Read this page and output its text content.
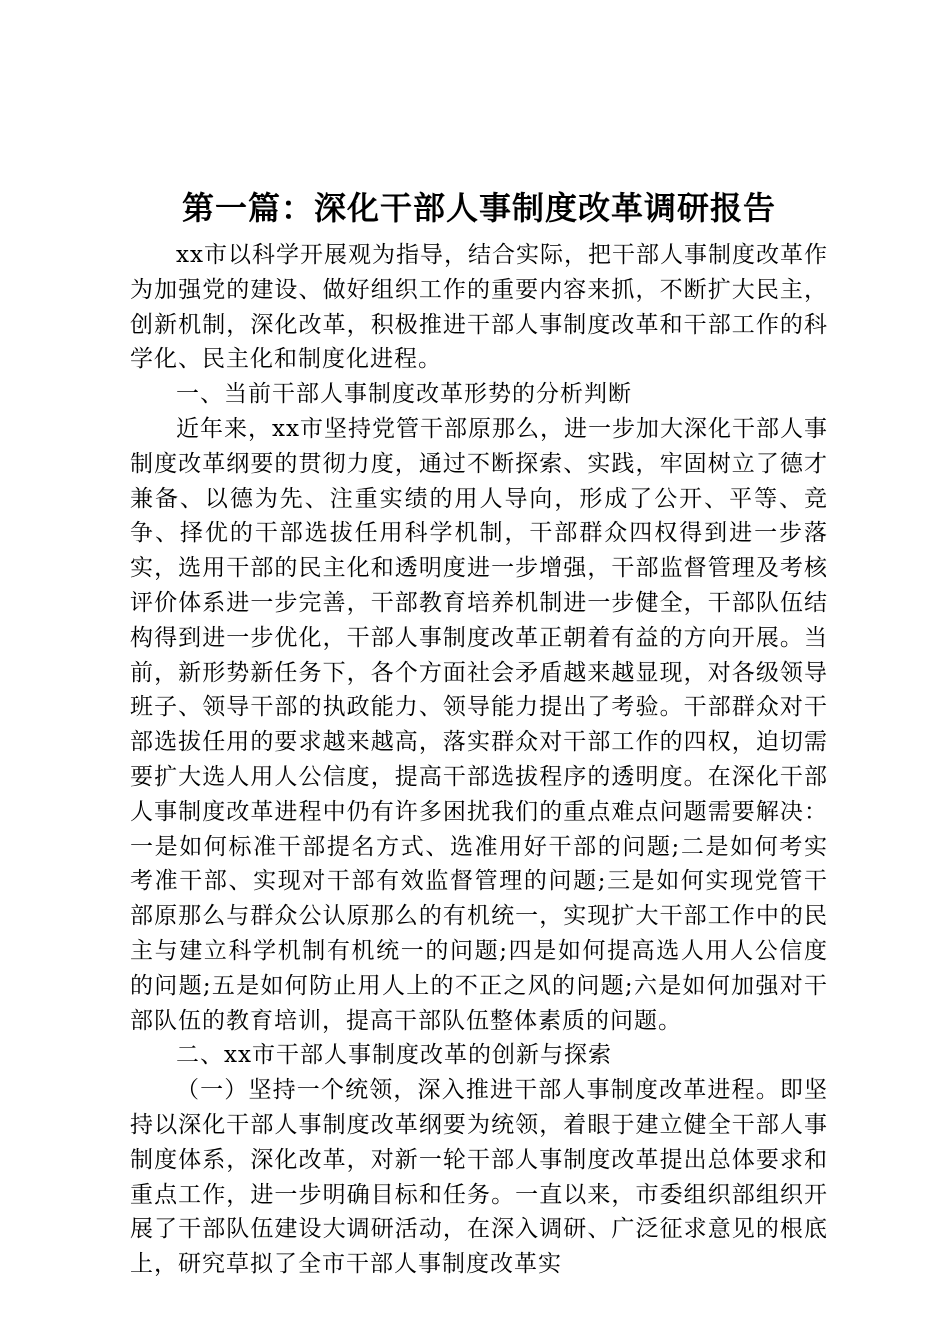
第一篇：深化干部人事制度改革调研报告

xx市以科学开展观为指导，结合实际，把干部人事制度改革作为加强党的建设、做好组织工作的重要内容来抓，不断扩大民主，创新机制，深化改革，积极推进干部人事制度改革和干部工作的科学化、民主化和制度化进程。

一、当前干部人事制度改革形势的分析判断

近年来，xx市坚持党管干部原那么，进一步加大深化干部人事制度改革纲要的贯彻力度，通过不断探索、实践，牢固树立了德才兼备、以德为先、注重实绩的用人导向，形成了公开、平等、竞争、择优的干部选拔任用科学机制，干部群众四权得到进一步落实，选用干部的民主化和透明度进一步增强，干部监督管理及考核评价体系进一步完善，干部教育培养机制进一步健全，干部队伍结构得到进一步优化，干部人事制度改革正朝着有益的方向开展。当前，新形势新任务下，各个方面社会矛盾越来越显现，对各级领导班子、领导干部的执政能力、领导能力提出了考验。干部群众对干部选拔任用的要求越来越高，落实群众对干部工作的四权，迫切需要扩大选人用人公信度，提高干部选拔程序的透明度。在深化干部人事制度改革进程中仍有许多困扰我们的重点难点问题需要解决：一是如何标准干部提名方式、选准用好干部的问题;二是如何考实考准干部、实现对干部有效监督管理的问题;三是如何实现党管干部原那么与群众公认原那么的有机统一，实现扩大干部工作中的民主与建立科学机制有机统一的问题;四是如何提高选人用人公信度的问题;五是如何防止用人上的不正之风的问题;六是如何加强对干部队伍的教育培训，提高干部队伍整体素质的问题。

二、xx市干部人事制度改革的创新与探索

（一）坚持一个统领，深入推进干部人事制度改革进程。即坚持以深化干部人事制度改革纲要为统领，着眼于建立健全干部人事制度体系，深化改革，对新一轮干部人事制度改革提出总体要求和重点工作，进一步明确目标和任务。一直以来，市委组织部组织开展了干部队伍建设大调研活动，在深入调研、广泛征求意见的根底上，研究草拟了全市干部人事制度改革实
